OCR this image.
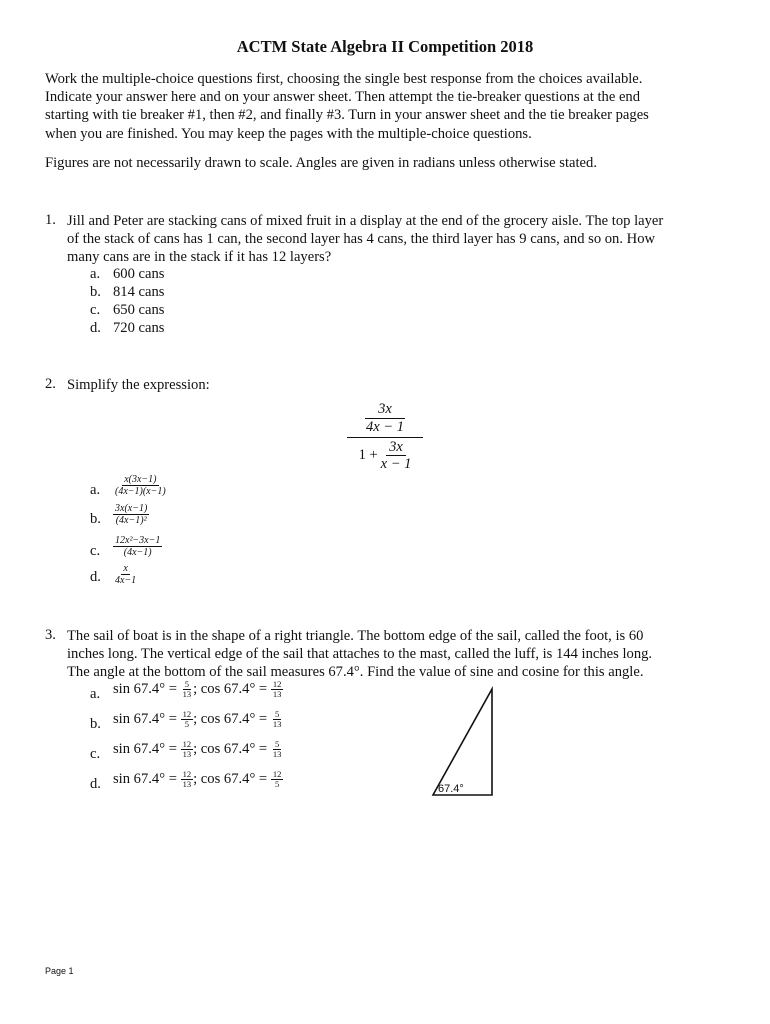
ACTM State Algebra II Competition 2018
Work the multiple-choice questions first, choosing the single best response from the choices available.
Indicate your answer here and on your answer sheet. Then attempt the tie-breaker questions at the end
starting with tie breaker #1, then #2, and finally #3. Turn in your answer sheet and the tie breaker pages
when you are finished. You may keep the pages with the multiple-choice questions.
Figures are not necessarily drawn to scale. Angles are given in radians unless otherwise stated.
1. Jill and Peter are stacking cans of mixed fruit in a display at the end of the grocery aisle. The top layer
of the stack of cans has 1 can, the second layer has 4 cans, the third layer has 9 cans, and so on. How
many cans are in the stack if it has 12 layers?
a. 600 cans
b. 814 cans
c. 650 cans
d. 720 cans
2. Simplify the expression:
$\frac{3x}{4x - 1}$
$1 + \frac{3x}{x - 1}$
a. $\frac{x(3x-1)}{(4x-1)(x-1)}$
b. $\frac{3x(x-1)}{\text{(4x−1)²}}$
c. $\frac{\text{12x²−3x−1}}{(4x-1)}$
d. $\frac{x}{4x-1}$
3. The sail of boat is in the shape of a right triangle. The bottom edge of the sail, called the foot, is 60
inches long. The vertical edge of the sail that attaches to the mast, called the luff, is 144 inches long.
The angle at the bottom of the sail measures 67.4°. Find the value of sine and cosine for this angle.
a. $\sin 67.4^\circ = \frac{5}{13}$ ; $\cos 67.4^\circ = \frac{12}{13}$
b. $\sin 67.4^\circ = \frac{12}{5}$ ; $\cos 67.4^\circ = \frac{5}{13}$
c. $\sin 67.4^\circ = \frac{12}{13}$ ; $\cos 67.4^\circ = \frac{5}{13}$
d. $\sin 67.4^\circ = \frac{12}{13}$ ; $\cos 67.4^\circ = \frac{12}{5}$	67.4°
Page 1
